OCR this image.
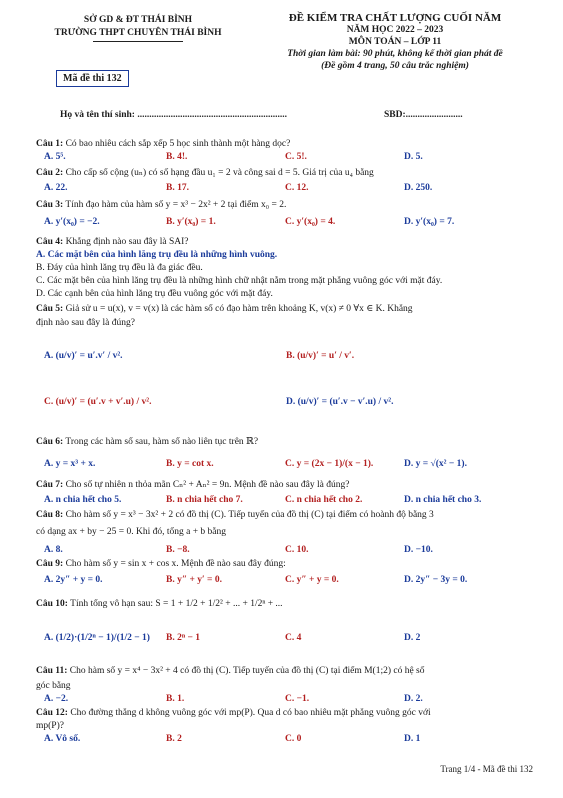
SỞ GD & ĐT THÁI BÌNH
TRƯỜNG THPT CHUYÊN THÁI BÌNH
ĐỀ KIỂM TRA CHẤT LƯỢNG CUỐI NĂM
NĂM HỌC 2022 – 2023
MÔN TOÁN – LỚP 11
Thời gian làm bài: 90 phút, không kể thời gian phát đề
(Đề gồm 4 trang, 50 câu trắc nghiệm)
Mã đề thi 132
Họ và tên thí sinh: ...............................................................	SBD:........................
Câu 1: Có bao nhiêu cách sắp xếp 5 học sinh thành một hàng dọc?
A. 5⁵.	B. 4!.	C. 5!.	D. 5.
Câu 2: Cho cấp số cộng (uₙ) có số hạng đầu u₁ = 2 và công sai d = 5. Giá trị của u₄ bằng
A. 22.	B. 17.	C. 12.	D. 250.
Câu 3: Tính đạo hàm của hàm số y = x³ − 2x² + 2 tại điểm x₀ = 2.
A. y′(x₀) = −2.	B. y′(x₀) = 1.	C. y′(x₀) = 4.	D. y′(x₀) = 7.
Câu 4: Khẳng định nào sau đây là SAI?
A. Các mặt bên của hình lăng trụ đều là những hình vuông.
B. Đáy của hình lăng trụ đều là đa giác đều.
C. Các mặt bên của hình lăng trụ đều là những hình chữ nhật nằm trong mặt phẳng vuông góc với mặt đáy.
D. Các cạnh bên của hình lăng trụ đều vuông góc với mặt đáy.
Câu 5: Giả sử u = u(x), v = v(x) là các hàm số có đạo hàm trên khoảng K, v(x) ≠ 0 ∀x ∈ K. Khẳng
định nào sau đây là đúng?
A. (u/v)′ = u′.v′ / v².	B. (u/v)′ = u′ / v′.
C. (u/v)′ = (u′.v + v′.u) / v².	D. (u/v)′ = (u′.v − v′.u) / v².
Câu 6: Trong các hàm số sau, hàm số nào liên tục trên ℝ?
A. y = x³ + x.	B. y = cot x.	C. y = (2x − 1)/(x − 1).	D. y = √(x² − 1).
Câu 7: Cho số tự nhiên n thỏa mãn Cₙ² + Aₙ² = 9n. Mệnh đề nào sau đây là đúng?
A. n chia hết cho 5.	B. n chia hết cho 7.	C. n chia hết cho 2.	D. n chia hết cho 3.
Câu 8: Cho hàm số y = x³ − 3x² + 2 có đồ thị (C). Tiếp tuyến của đồ thị (C) tại điểm có hoành độ bằng 3
có dạng ax + by − 25 = 0. Khi đó, tổng a + b bằng
A. 8.	B. −8.	C. 10.	D. −10.
Câu 9: Cho hàm số y = sin x + cos x. Mệnh đề nào sau đây đúng:
A. 2y″ + y = 0.	B. y″ + y′ = 0.	C. y″ + y = 0.	D. 2y″ − 3y = 0.
Câu 10: Tính tổng vô hạn sau: S = 1 + 1/2 + 1/2² + ... + 1/2ⁿ + ...
A. (1/2)·(1/2ⁿ − 1)/(1/2 − 1) B. 2ⁿ − 1	C. 4	D. 2
Câu 11: Cho hàm số y = x⁴ − 3x² + 4 có đồ thị (C). Tiếp tuyến của đồ thị (C) tại điểm M(1;2) có hệ số
góc bằng
A. −2.	B. 1.	C. −1.	D. 2.
Câu 12: Cho đường thẳng d không vuông góc với mp(P). Qua d có bao nhiêu mặt phẳng vuông góc với
mp(P)?
A. Vô số.	B. 2	C. 0	D. 1
Trang 1/4 - Mã đề thi 132
